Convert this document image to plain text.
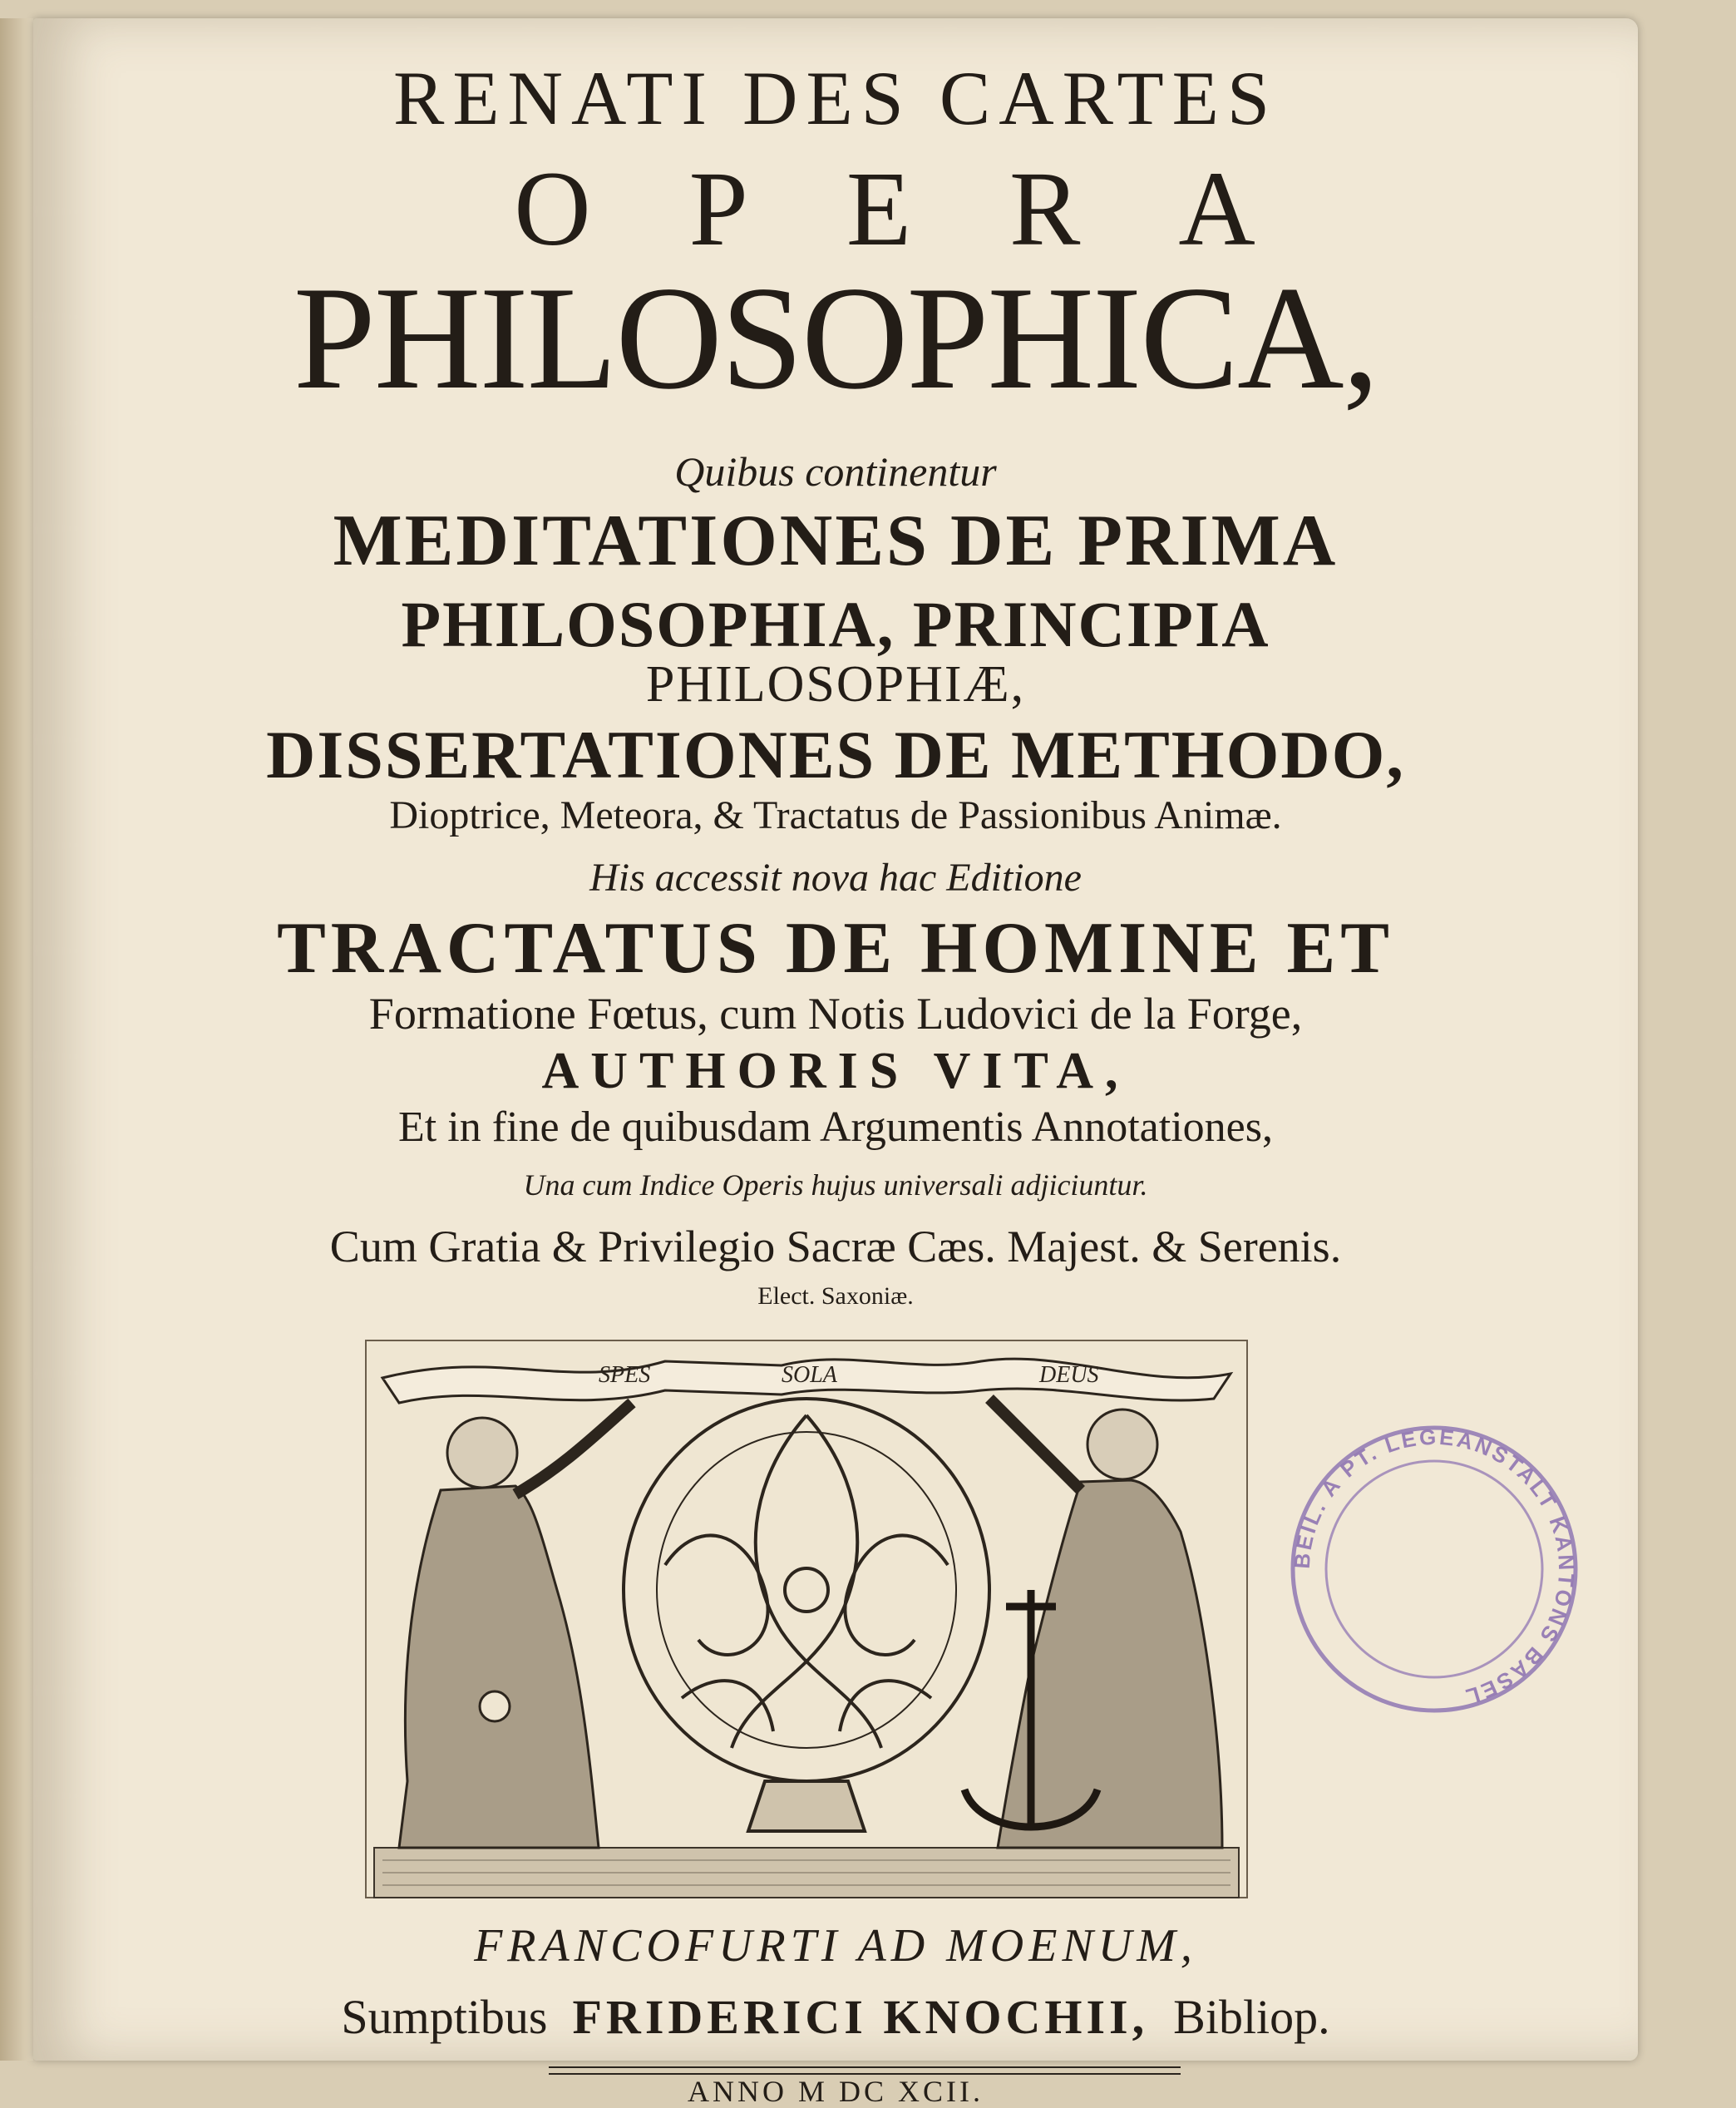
RENATI DES CARTES
OPERA
PHILOSOPHICA,
Quibus continentur
MEDITATIONES DE PRIMA
PHILOSOPHIA, PRINCIPIA
PHILOSOPHIÆ,
DISSERTATIONES DE METHODO,
Dioptrice, Meteora, & Tractatus de Passionibus Animæ.
His accessit nova hac Editione
TRACTATUS DE HOMINE ET
Formatione Fœtus, cum Notis Ludovici de la Forge,
AUTHORIS VITA,
Et in fine de quibusdam Argumentis Annotationes,
Una cum Indice Operis hujus universali adjiciuntur.
Cum Gratia & Privilegio Sacræ Cæs. Majest. & Serenis.
Elect. Saxoniæ.
SPES	SOLA	DEUS
BEIL. A PT. LEGEANSTALT KANTONS BASEL
FRANCOFURTI AD MOENUM,
Sumptibus FRIDERICI KNOCHII, Bibliop.
ANNO M DC XCII.
